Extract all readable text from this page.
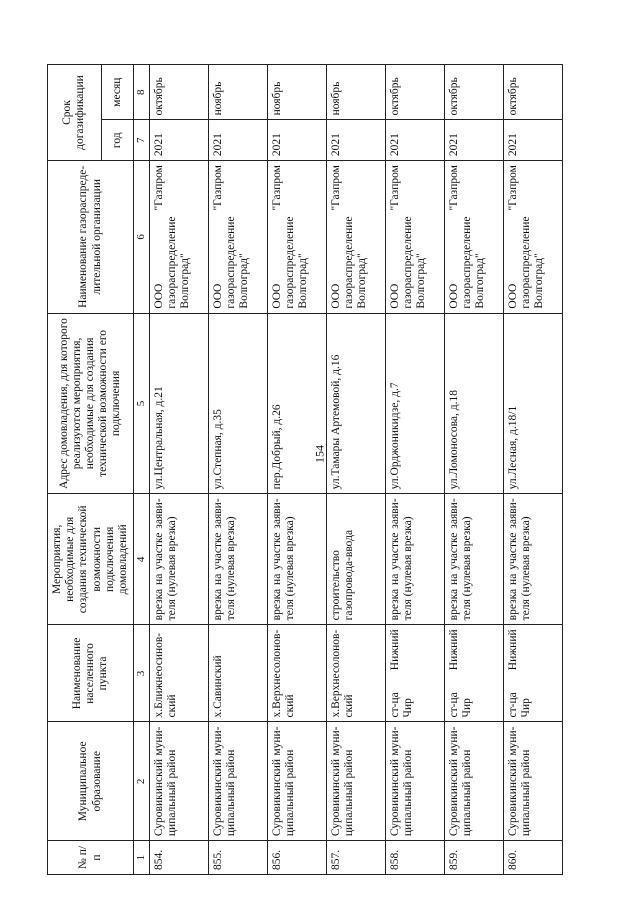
154
№ п/п	Муниципальное образование	Наименование населенного пункта	Мероприятия, необходимые для создания технической возможности подключения домовладений	Адрес домовладения, для которого реализуются мероприятия, необходимые для создания технической возможности его подключения	Наименование газораспреде-лительной организации	Срок догазификации	
						год	месяц
1	2	3	4	5	6	7	8
854.	Суровикинский муни-ципальный район	х.Ближнеосинов-ский	врезка на участке заяви-теля (нулевая врезка)	ул.Центральная, д.21	ООО "Газпром газораспределение Волгоград"	2021	октябрь
855.	Суровикинский муни-ципальный район	х.Савинский	врезка на участке заяви-теля (нулевая врезка)	ул.Степная, д.35	ООО "Газпром газораспределение Волгоград"	2021	ноябрь
856.	Суровикинский муни-ципальный район	х.Верхнесолонов-ский	врезка на участке заяви-теля (нулевая врезка)	пер.Добрый, д.26	ООО "Газпром газораспределение Волгоград"	2021	ноябрь
857.	Суровикинский муни-ципальный район	х.Верхнесолонов-ский	строительство газопровода-ввода	ул.Тамары Артемовой, д.16	ООО "Газпром газораспределение Волгоград"	2021	ноябрь
858.	Суровикинский муни-ципальный район	ст-ца Нижний Чир	врезка на участке заяви-теля (нулевая врезка)	ул.Орджоникидзе, д.7	ООО "Газпром газораспределение Волгоград"	2021	октябрь
859.	Суровикинский муни-ципальный район	ст-ца Нижний Чир	врезка на участке заяви-теля (нулевая врезка)	ул.Ломоносова, д.18	ООО "Газпром газораспределение Волгоград"	2021	октябрь
860.	Суровикинский муни-ципальный район	ст-ца Нижний Чир	врезка на участке заяви-теля (нулевая врезка)	ул.Лесная, д.18/1	ООО "Газпром газораспределение Волгоград"	2021	октябрь
